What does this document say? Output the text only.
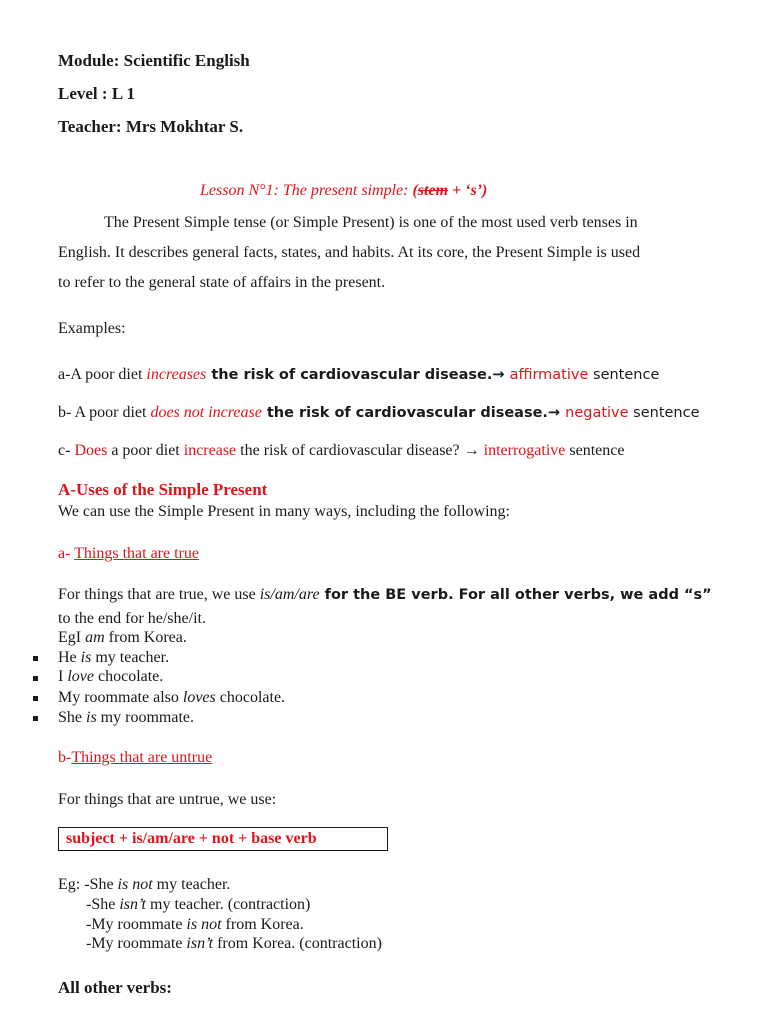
Module: Scientific English
Level : L 1
Teacher: Mrs Mokhtar S.
Lesson N°1: The present simple: (stem + ‘s’)
The Present Simple tense (or Simple Present) is one of the most used verb tenses in
English. It describes general facts, states, and habits. At its core, the Present Simple is used
to refer to the general state of affairs in the present.
Examples:
a-A poor diet increases the risk of cardiovascular disease.→ affirmative sentence
b- A poor diet does not increase the risk of cardiovascular disease.→ negative sentence
c- Does a poor diet increase the risk of cardiovascular disease? → interrogative sentence
A-Uses of the Simple Present
We can use the Simple Present in many ways, including the following:
a- Things that are true
For things that are true, we use is/am/are for the BE verb. For all other verbs, we add “s”
to the end for he/she/it.
EgI am from Korea.
He is my teacher.
I love chocolate.
My roommate also loves chocolate.
She is my roommate.
b-Things that are untrue
For things that are untrue, we use:
subject + is/am/are + not + base verb
Eg: -She is not my teacher.
-She isn’t my teacher. (contraction)
-My roommate is not from Korea.
-My roommate isn’t from Korea. (contraction)
All other verbs:
